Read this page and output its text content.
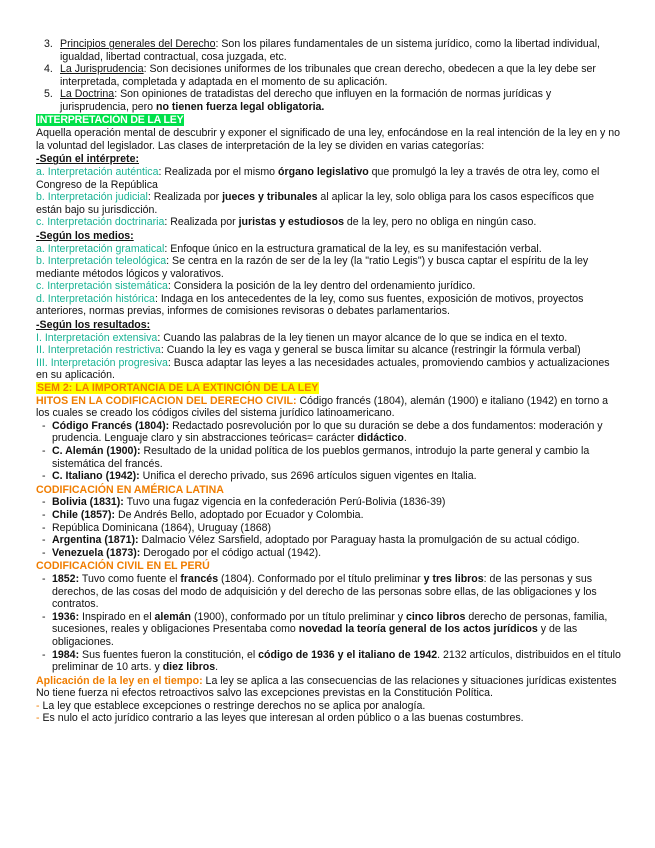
3. Principios generales del Derecho: Son los pilares fundamentales de un sistema jurídico, como la libertad individual, igualdad, libertad contractual, cosa juzgada, etc.
4. La Jurisprudencia: Son decisiones uniformes de los tribunales que crean derecho, obedecen a que la ley debe ser interpretada, completada y adaptada en el momento de su aplicación.
5. La Doctrina: Son opiniones de tratadistas del derecho que influyen en la formación de normas jurídicas y jurisprudencia, pero no tienen fuerza legal obligatoria.

INTERPRETACIÓN DE LA LEY

Aquella operación mental de descubrir y exponer el significado de una ley, enfocándose en la real intención de la ley en y no la voluntad del legislador. Las clases de interpretación de la ley se dividen en varias categorías:

-Según el intérprete:

a. Interpretación auténtica: Realizada por el mismo órgano legislativo que promulgó la ley a través de otra ley, como el Congreso de la República

b. Interpretación judicial: Realizada por jueces y tribunales al aplicar la ley, solo obliga para los casos específicos que están bajo su jurisdicción.

c. Interpretación doctrinaria: Realizada por juristas y estudiosos de la ley, pero no obliga en ningún caso.

-Según los medios:

a. Interpretación gramatical: Enfoque único en la estructura gramatical de la ley, es su manifestación verbal.

b. Interpretación teleológica: Se centra en la razón de ser de la ley (la "ratio Legis") y busca captar el espíritu de la ley mediante métodos lógicos y valorativos.

c. Interpretación sistemática: Considera la posición de la ley dentro del ordenamiento jurídico.

d. Interpretación histórica: Indaga en los antecedentes de la ley, como sus fuentes, exposición de motivos, proyectos anteriores, normas previas, informes de comisiones revisoras o debates parlamentarios.

-Según los resultados:

I. Interpretación extensiva: Cuando las palabras de la ley tienen un mayor alcance de lo que se indica en el texto.

II. Interpretación restrictiva: Cuando la ley es vaga y general se busca limitar su alcance (restringir la fórmula verbal)

III. Interpretación progresiva: Busca adaptar las leyes a las necesidades actuales, promoviendo cambios y actualizaciones en su aplicación.

SEM 2: LA IMPORTANCIA DE LA EXTINCIÓN DE LA LEY

HITOS EN LA CODIFICACION DEL DERECHO CIVIL: Código francés (1804), alemán (1900) e italiano (1942) en torno a los cuales se creado los códigos civiles del sistema jurídico latinoamericano.

- Código Francés (1804): Redactado posrevolución por lo que su duración se debe a dos fundamentos: moderación y prudencia. Lenguaje claro y sin abstracciones teóricas= carácter didáctico.
- C. Alemán (1900): Resultado de la unidad política de los pueblos germanos, introdujo la parte general y cambio la sistemática del francés.
- C. Italiano (1942): Unifica el derecho privado, sus 2696 artículos siguen vigentes en Italia.

CODIFICACIÓN EN AMÉRICA LATINA

- Bolivia (1831): Tuvo una fugaz vigencia en la confederación Perú-Bolivia (1836-39)
- Chile (1857): De Andrés Bello, adoptado por Ecuador y Colombia.
- República Dominicana (1864), Uruguay (1868)
- Argentina (1871): Dalmacio Vélez Sarsfield, adoptado por Paraguay hasta la promulgación de su actual código.
- Venezuela (1873): Derogado por el código actual (1942).

CODIFICACIÓN CIVIL EN EL PERÚ

- 1852: Tuvo como fuente el francés (1804). Conformado por el título preliminar y tres libros: de las personas y sus derechos, de las cosas del modo de adquisición y del derecho de las personas sobre ellas, de las obligaciones y los contratos.
- 1936: Inspirado en el alemán (1900), conformado por un título preliminar y cinco libros derecho de personas, familia, sucesiones, reales y obligaciones Presentaba como novedad la teoría general de los actos jurídicos y de las obligaciones.
- 1984: Sus fuentes fueron la constitución, el código de 1936 y el italiano de 1942. 2132 artículos, distribuidos en el título preliminar de 10 arts. y diez libros.

Aplicación de la ley en el tiempo: La ley se aplica a las consecuencias de las relaciones y situaciones jurídicas existentes No tiene fuerza ni efectos retroactivos salvo las excepciones previstas en la Constitución Política.

- La ley que establece excepciones o restringe derechos no se aplica por analogía.

- Es nulo el acto jurídico contrario a las leyes que interesan al orden público o a las buenas costumbres.
